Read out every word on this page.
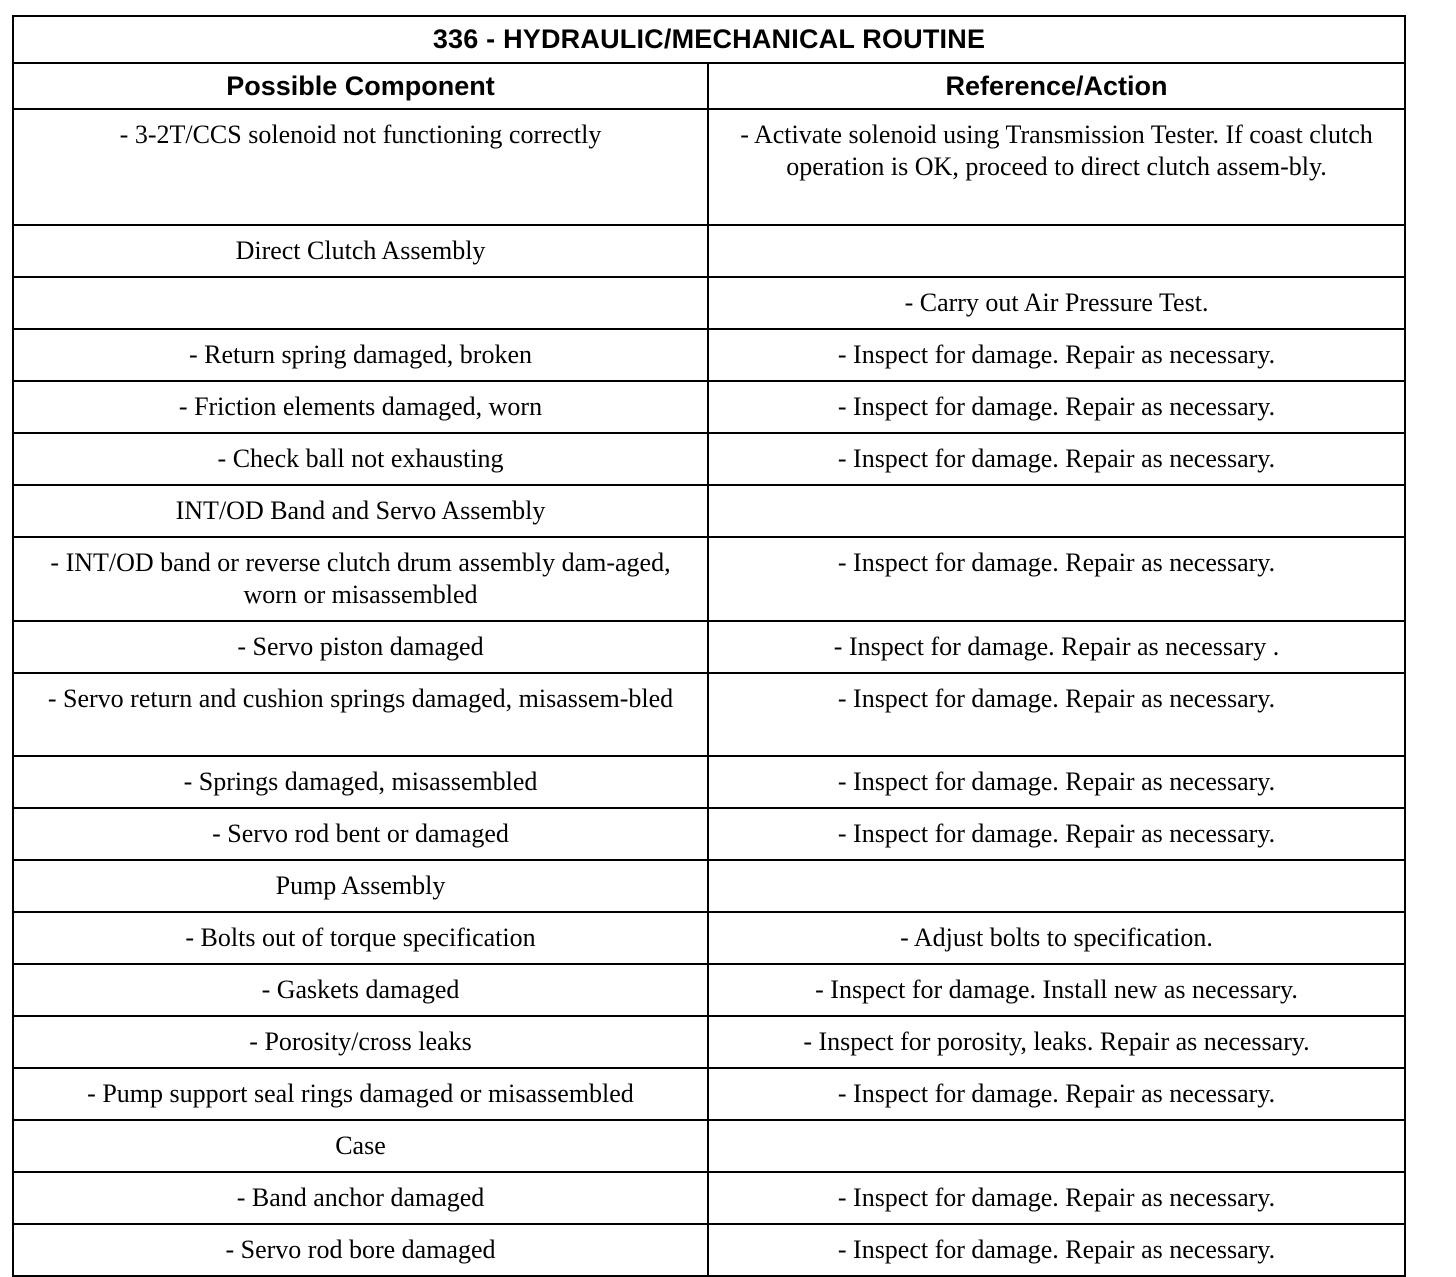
336 - HYDRAULIC/MECHANICAL ROUTINE	
Possible Component	Reference/Action
- 3-2T/CCS solenoid not functioning correctly	- Activate solenoid using Transmission Tester. If coast clutch operation is OK, proceed to direct clutch assem-bly.
Direct Clutch Assembly	
	- Carry out Air Pressure Test.
- Return spring damaged, broken	- Inspect for damage. Repair as necessary.
- Friction elements damaged, worn	- Inspect for damage. Repair as necessary.
- Check ball not exhausting	- Inspect for damage. Repair as necessary.
INT/OD Band and Servo Assembly	
- INT/OD band or reverse clutch drum assembly dam-aged, worn or misassembled	- Inspect for damage. Repair as necessary.
- Servo piston damaged	- Inspect for damage. Repair as necessary .
- Servo return and cushion springs damaged, misassem-bled	- Inspect for damage. Repair as necessary.
- Springs damaged, misassembled	- Inspect for damage. Repair as necessary.
- Servo rod bent or damaged	- Inspect for damage. Repair as necessary.
Pump Assembly	
- Bolts out of torque specification	- Adjust bolts to specification.
- Gaskets damaged	- Inspect for damage. Install new as necessary.
- Porosity/cross leaks	- Inspect for porosity, leaks. Repair as necessary.
- Pump support seal rings damaged or misassembled	- Inspect for damage. Repair as necessary.
Case	
- Band anchor damaged	- Inspect for damage. Repair as necessary.
- Servo rod bore damaged	- Inspect for damage. Repair as necessary.
